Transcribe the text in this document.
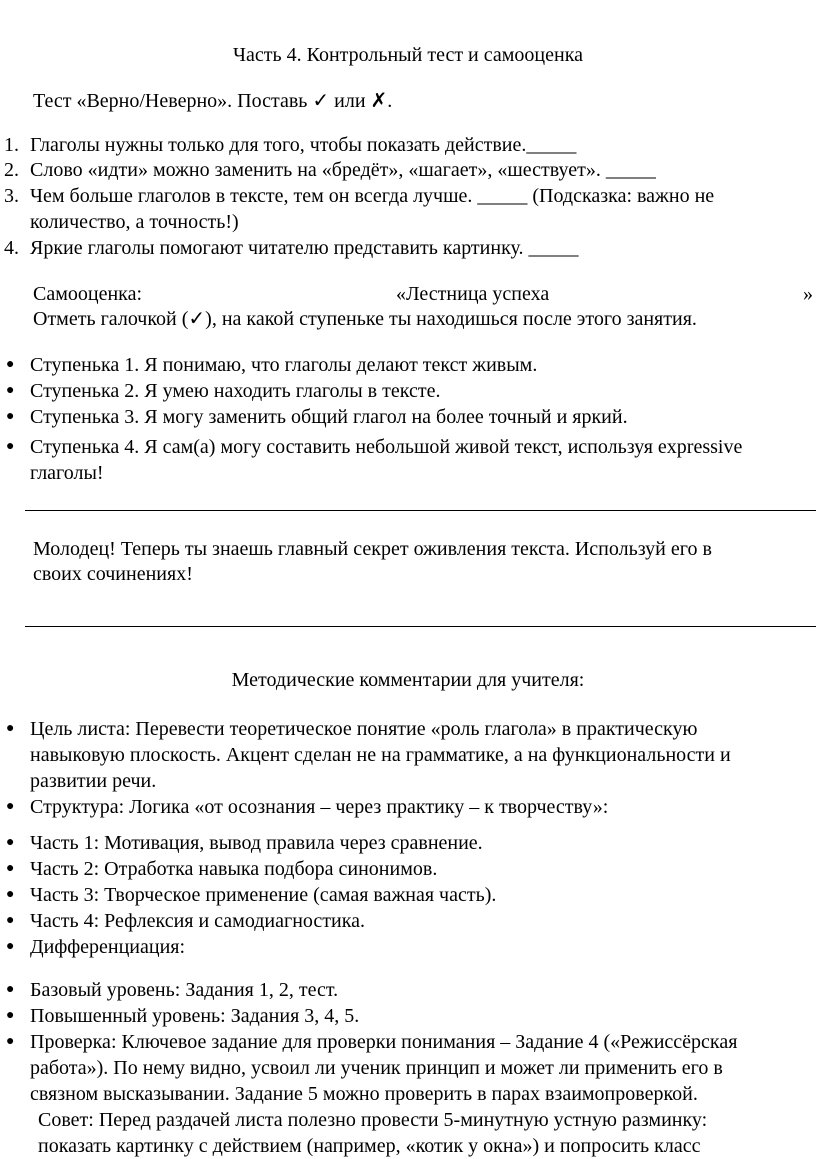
Часть 4. Контрольный тест и самооценка
Тест «Верно/Неверно». Поставь ✓ или ✗.
1. Глаголы нужны только для того, чтобы показать действие._____
2. Слово «идти» можно заменить на «бредёт», «шагает», «шествует». _____
3. Чем больше глаголов в тексте, тем он всегда лучше. _____ (Подсказка: важно не
количество, а точность!)
4. Яркие глаголы помогают читателю представить картинку. _____
Самооценка:	«Лестница успеха	»
Отметь галочкой (✓), на какой ступеньке ты находишься после этого занятия.
● Ступенька 1. Я понимаю, что глаголы делают текст живым.
● Ступенька 2. Я умею находить глаголы в тексте.
● Ступенька 3. Я могу заменить общий глагол на более точный и яркий.
● Ступенька 4. Я сам(а) могу составить небольшой живой текст, используя expressive
глаголы!
Молодец! Теперь ты знаешь главный секрет оживления текста. Используй его в
своих сочинениях!
Методические комментарии для учителя:
● Цель листа: Перевести теоретическое понятие «роль глагола» в практическую
навыковую плоскость. Акцент сделан не на грамматике, а на функциональности и
развитии речи.
● Структура: Логика «от осознания – через практику – к творчеству»:
● Часть 1: Мотивация, вывод правила через сравнение.
● Часть 2: Отработка навыка подбора синонимов.
● Часть 3: Творческое применение (самая важная часть).
● Часть 4: Рефлексия и самодиагностика.
● Дифференциация:
● Базовый уровень: Задания 1, 2, тест.
● Повышенный уровень: Задания 3, 4, 5.
● Проверка: Ключевое задание для проверки понимания – Задание 4 («Режиссёрская
работа»). По нему видно, усвоил ли ученик принцип и может ли применить его в
связном высказывании. Задание 5 можно проверить в парах взаимопроверкой.
Совет: Перед раздачей листа полезно провести 5-минутную устную разминку:
показать картинку с действием (например, «котик у окна») и попросить класс
